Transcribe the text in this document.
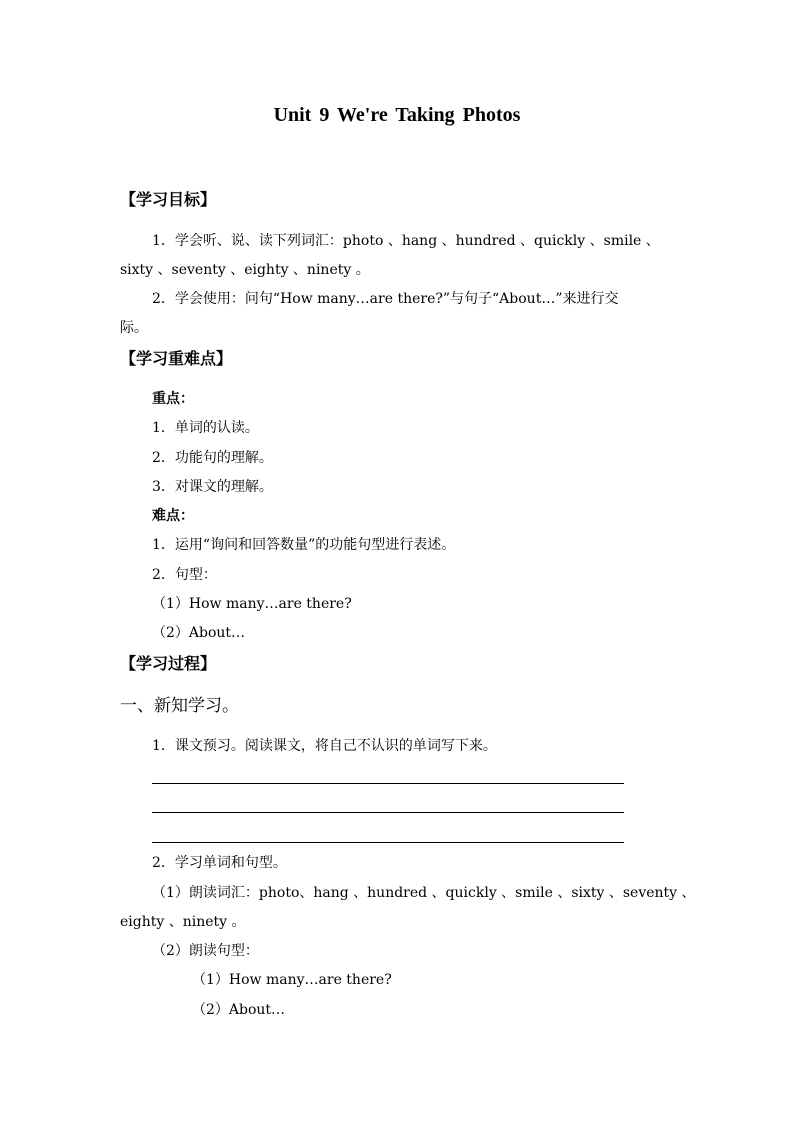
Unit 9 We're Taking Photos
【学习目标】
1．学会听、说、读下列词汇：photo 、hang 、hundred 、quickly 、smile 、
sixty 、seventy 、eighty 、ninety 。
2．学会使用：问句“How many…are there?”与句子“About…”来进行交
际。
【学习重难点】
重点：
1．单词的认读。
2．功能句的理解。
3．对课文的理解。
难点：
1．运用“询问和回答数量”的功能句型进行表述。
2．句型：
（1）How many…are there?
（2）About…
【学习过程】
一、新知学习。
1．课文预习。阅读课文，将自己不认识的单词写下来。
2．学习单词和句型。
（1）朗读词汇：photo、hang 、hundred 、quickly 、smile 、sixty 、seventy 、
eighty 、ninety 。
（2）朗读句型：
（1）How many…are there?
（2）About…
